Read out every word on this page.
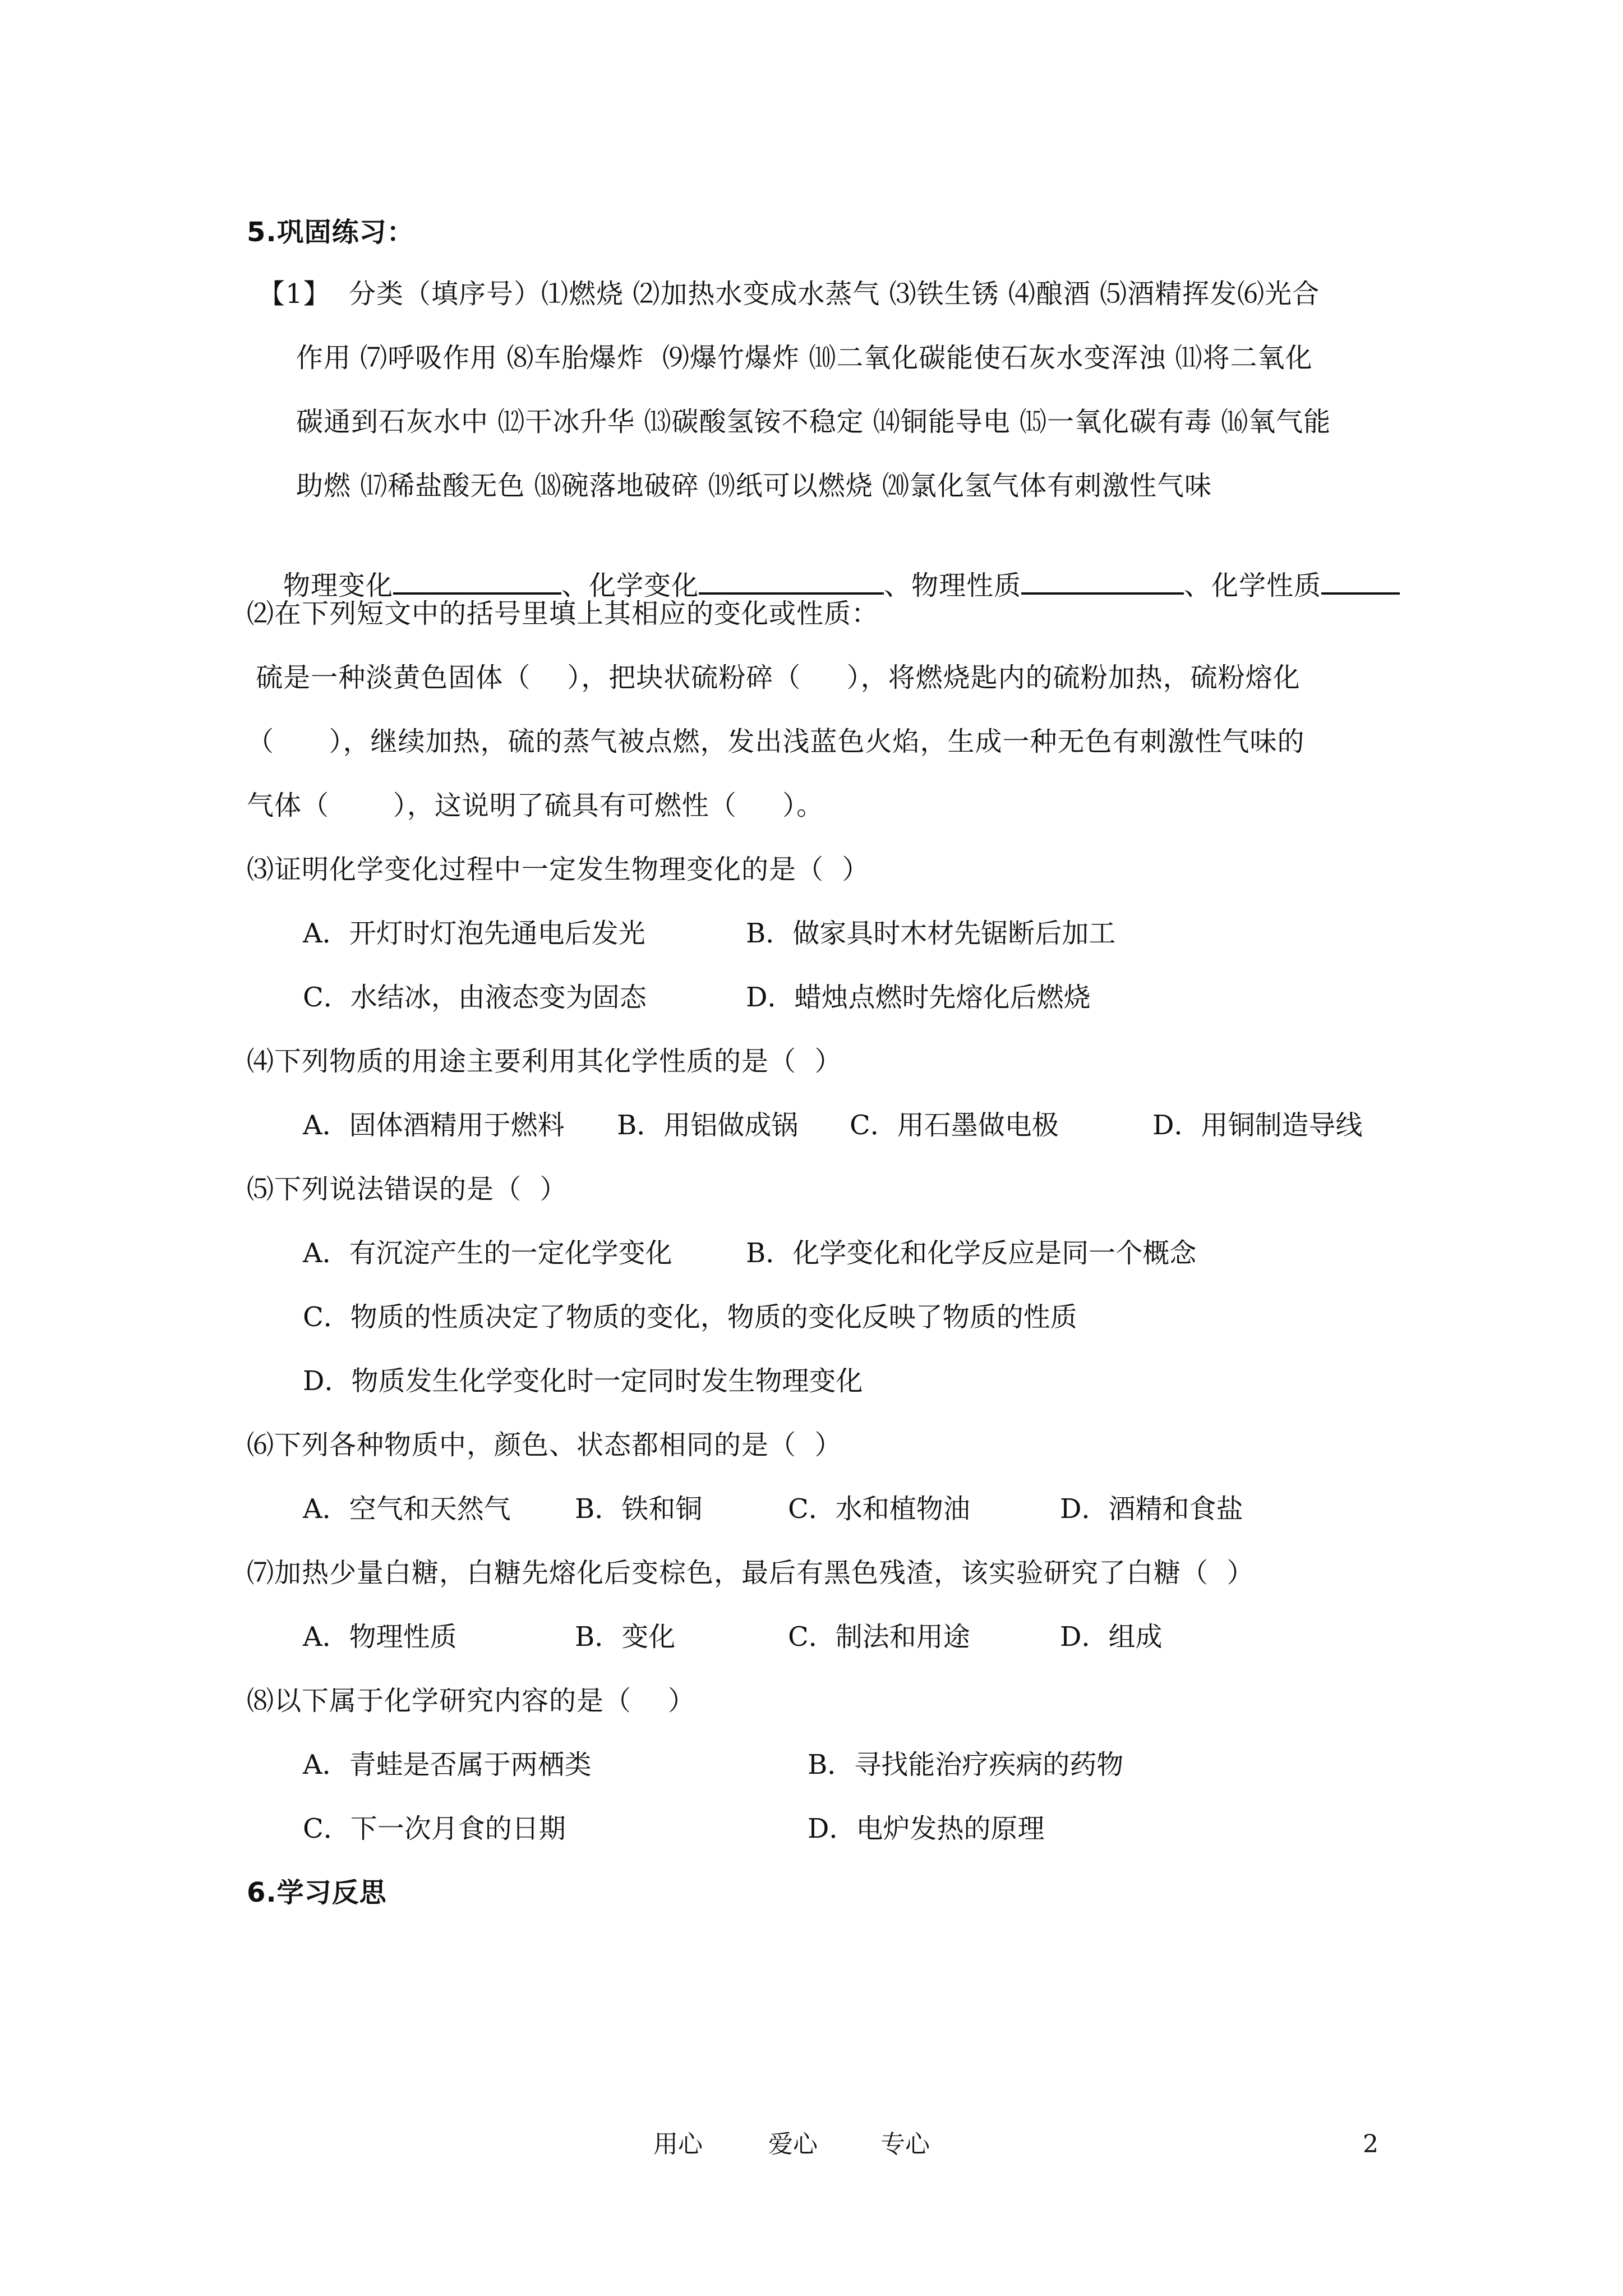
5.巩固练习：
【1】  分类（填序号）⑴燃烧 ⑵加热水变成水蒸气 ⑶铁生锈 ⑷酿酒 ⑸酒精挥发⑹光合
作用 ⑺呼吸作用 ⑻车胎爆炸  ⑼爆竹爆炸 ⑽二氧化碳能使石灰水变浑浊 ⑾将二氧化
碳通到石灰水中 ⑿干冰升华 ⒀碳酸氢铵不稳定 ⒁铜能导电 ⒂一氧化碳有毒 ⒃氧气能
助燃 ⒄稀盐酸无色 ⒅碗落地破碎 ⒆纸可以燃烧 ⒇氯化氢气体有刺激性气味

物理变化	、化学变化	、物理性质	、化学性质

⑵在下列短文中的括号里填上其相应的变化或性质：
硫是一种淡黄色固体（    ），把块状硫粉碎（     ），将燃烧匙内的硫粉加热，硫粉熔化
（      ），继续加热，硫的蒸气被点燃，发出浅蓝色火焰，生成一种无色有刺激性气味的
气体（       ），这说明了硫具有可燃性（     ）。
⑶证明化学变化过程中一定发生物理变化的是（  ）
A．开灯时灯泡先通电后发光	B．做家具时木材先锯断后加工
C．水结冰，由液态变为固态	D．蜡烛点燃时先熔化后燃烧
⑷下列物质的用途主要利用其化学性质的是（  ）
A．固体酒精用于燃料 B．用铝做成锅 C．用石墨做电极	D．用铜制造导线
⑸下列说法错误的是（  ）
A．有沉淀产生的一定化学变化	B．化学变化和化学反应是同一个概念
C．物质的性质决定了物质的变化，物质的变化反映了物质的性质
D．物质发生化学变化时一定同时发生物理变化
⑹下列各种物质中，颜色、状态都相同的是（  ）
A．空气和天然气 B．铁和铜	C．水和植物油	D．酒精和食盐
⑺加热少量白糖，白糖先熔化后变棕色，最后有黑色残渣，该实验研究了白糖（  ）
A．物理性质	B．变化	C．制法和用途	D．组成
⑻以下属于化学研究内容的是（    ）
A．青蛙是否属于两栖类	B．寻找能治疗疾病的药物
C．下一次月食的日期	D．电炉发热的原理
6.学习反思
用心	爱心	专心	2
